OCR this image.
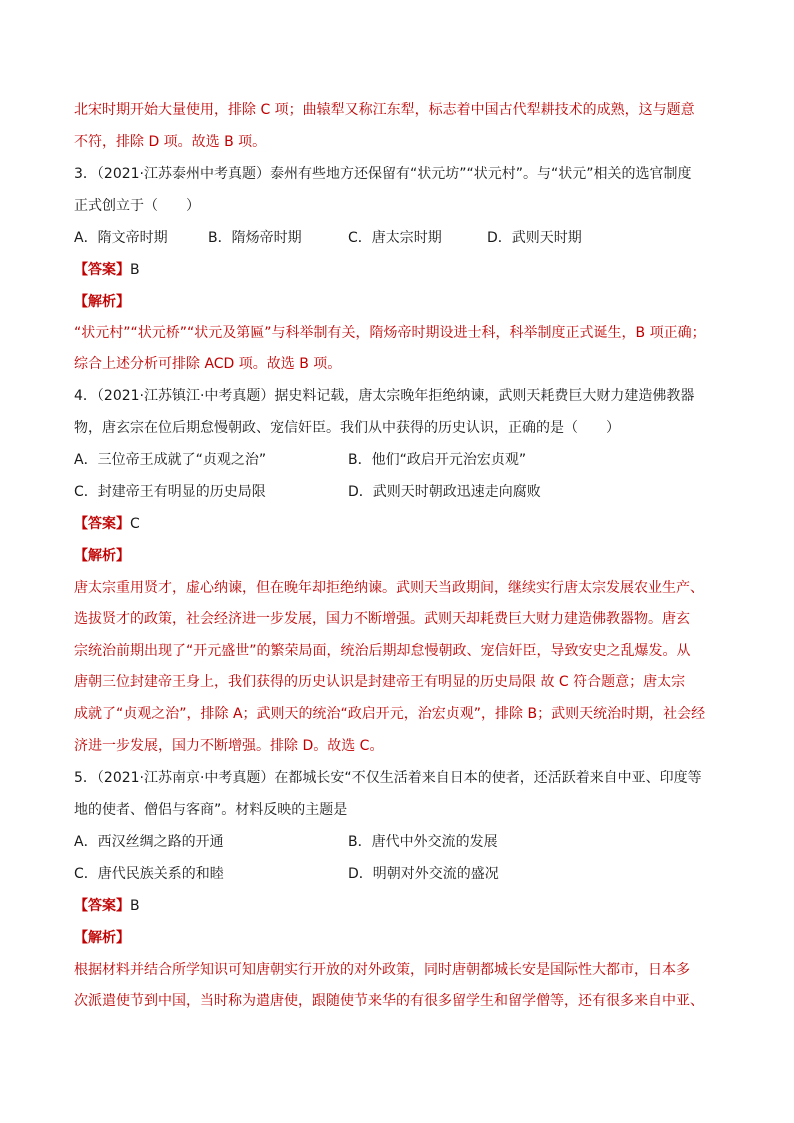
北宋时期开始大量使用，排除 C 项；曲辕犁又称江东犁，标志着中国古代犁耕技术的成熟，这与题意
不符，排除 D 项。故选 B 项。
3．（2021·江苏泰州中考真题）泰州有些地方还保留有“状元坊”“状元村”。与“状元”相关的选官制度
正式创立于（　　）
A．隋文帝时期	B．隋炀帝时期	C．唐太宗时期	D．武则天时期
【答案】B
【解析】
“状元村”“状元桥”“状元及第匾”与科举制有关，隋炀帝时期设进士科，科举制度正式诞生，B 项正确；
综合上述分析可排除 ACD 项。故选 B 项。
4．（2021·江苏镇江·中考真题）据史料记载，唐太宗晚年拒绝纳谏，武则天耗费巨大财力建造佛教器
物，唐玄宗在位后期怠慢朝政、宠信奸臣。我们从中获得的历史认识，正确的是（　　）
A．三位帝王成就了“贞观之治”	B．他们“政启开元治宏贞观”
C．封建帝王有明显的历史局限	D．武则天时朝政迅速走向腐败
【答案】C
【解析】
唐太宗重用贤才，虚心纳谏，但在晚年却拒绝纳谏。武则天当政期间，继续实行唐太宗发展农业生产、
选拔贤才的政策，社会经济进一步发展，国力不断增强。武则天却耗费巨大财力建造佛教器物。唐玄
宗统治前期出现了“开元盛世”的繁荣局面，统治后期却怠慢朝政、宠信奸臣，导致安史之乱爆发。从
唐朝三位封建帝王身上，我们获得的历史认识是封建帝王有明显的历史局限 故 C 符合题意；唐太宗
成就了“贞观之治”，排除 A；武则天的统治“政启开元，治宏贞观”，排除 B；武则天统治时期，社会经
济进一步发展，国力不断增强。排除 D。故选 C。
5．（2021·江苏南京·中考真题）在都城长安“不仅生活着来自日本的使者，还活跃着来自中亚、印度等
地的使者、僧侣与客商”。材料反映的主题是
A．西汉丝绸之路的开通	B．唐代中外交流的发展
C．唐代民族关系的和睦	D．明朝对外交流的盛况
【答案】B
【解析】
根据材料并结合所学知识可知唐朝实行开放的对外政策，同时唐朝都城长安是国际性大都市，日本多
次派遣使节到中国，当时称为遣唐使，跟随使节来华的有很多留学生和留学僧等，还有很多来自中亚、
